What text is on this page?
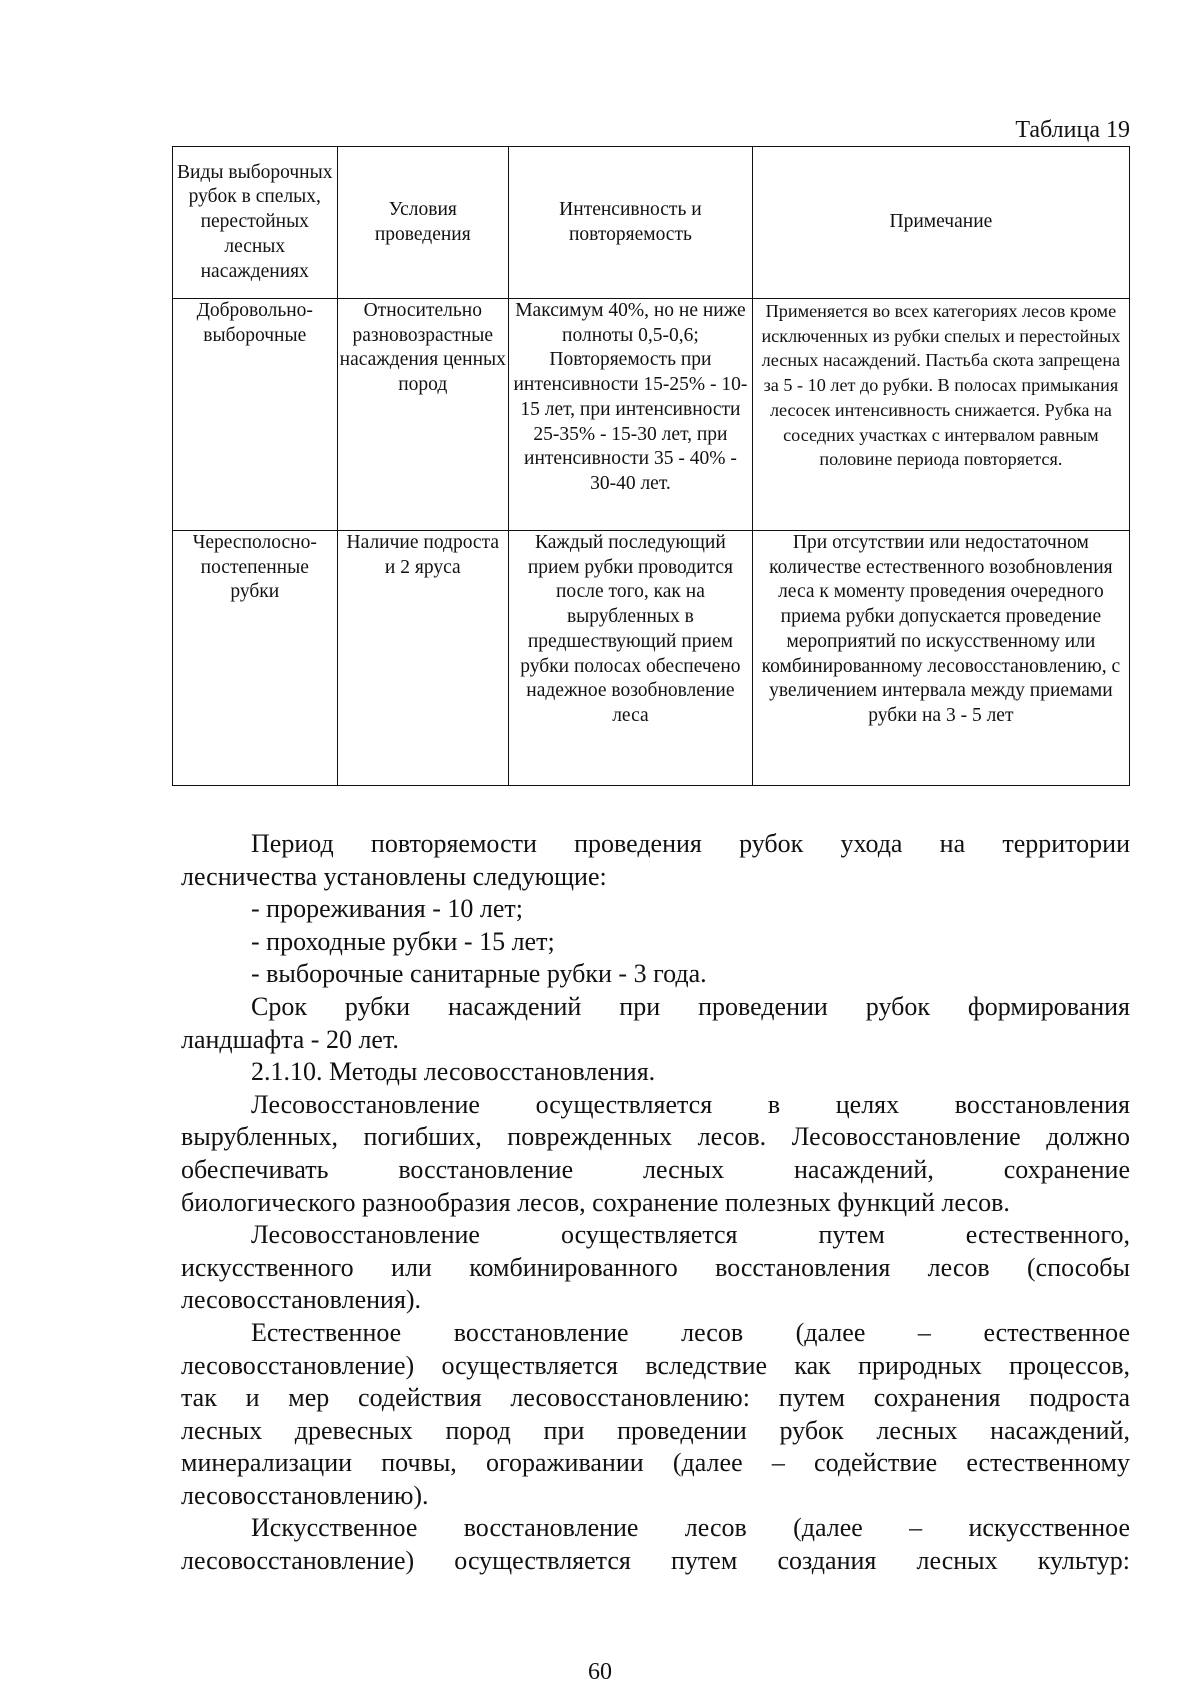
Таблица 19
Виды выборочных рубок в спелых, перестойных лесных насаждениях	Условия проведения	Интенсивность и повторяемость	Примечание
Добровольно-выборочные	Относительно разновозрастные насаждения ценных пород	Максимум 40%, но не ниже полноты 0,5-0,6; Повторяемость при интенсивности 15-25% - 10-15 лет, при интенсивности 25-35% - 15-30 лет, при интенсивности 35 - 40% - 30-40 лет.	Применяется во всех категориях лесов кроме исключенных из рубки спелых и перестойных лесных насаждений. Пастьба скота запрещена за 5 - 10 лет до рубки. В полосах примыкания лесосек интенсивность снижается. Рубка на соседних участках с интервалом равным половине периода повторяется.
Чересполосно-постепенные рубки	Наличие подроста и 2 яруса	Каждый последующий прием рубки проводится после того, как на вырубленных в предшествующий прием рубки полосах обеспечено надежное возобновление леса	При отсутствии или недостаточном количестве естественного возобновления леса к моменту проведения очередного приема рубки допускается проведение мероприятий по искусственному или комбинированному лесовосстановлению, с увеличением интервала между приемами рубки на 3 - 5 лет

Период повторяемости проведения рубок ухода на территории

лесничества установлены следующие:

- прореживания - 10 лет;

- проходные рубки - 15 лет;

- выборочные санитарные рубки - 3 года.

Срок рубки насаждений при проведении рубок формирования

ландшафта - 20 лет.

2.1.10. Методы лесовосстановления.

Лесовосстановление осуществляется в целях восстановления

вырубленных, погибших, поврежденных лесов. Лесовосстановление должно

обеспечивать восстановление лесных насаждений, сохранение

биологического разнообразия лесов, сохранение полезных функций лесов.

Лесовосстановление осуществляется путем естественного,

искусственного или комбинированного восстановления лесов (способы

лесовосстановления).

Естественное восстановление лесов (далее – естественное

лесовосстановление) осуществляется вследствие как природных процессов,

так и мер содействия лесовосстановлению: путем сохранения подроста

лесных древесных пород при проведении рубок лесных насаждений,

минерализации почвы, огораживании (далее – содействие естественному

лесовосстановлению).

Искусственное восстановление лесов (далее – искусственное

лесовосстановление) осуществляется путем создания лесных культур:

60
